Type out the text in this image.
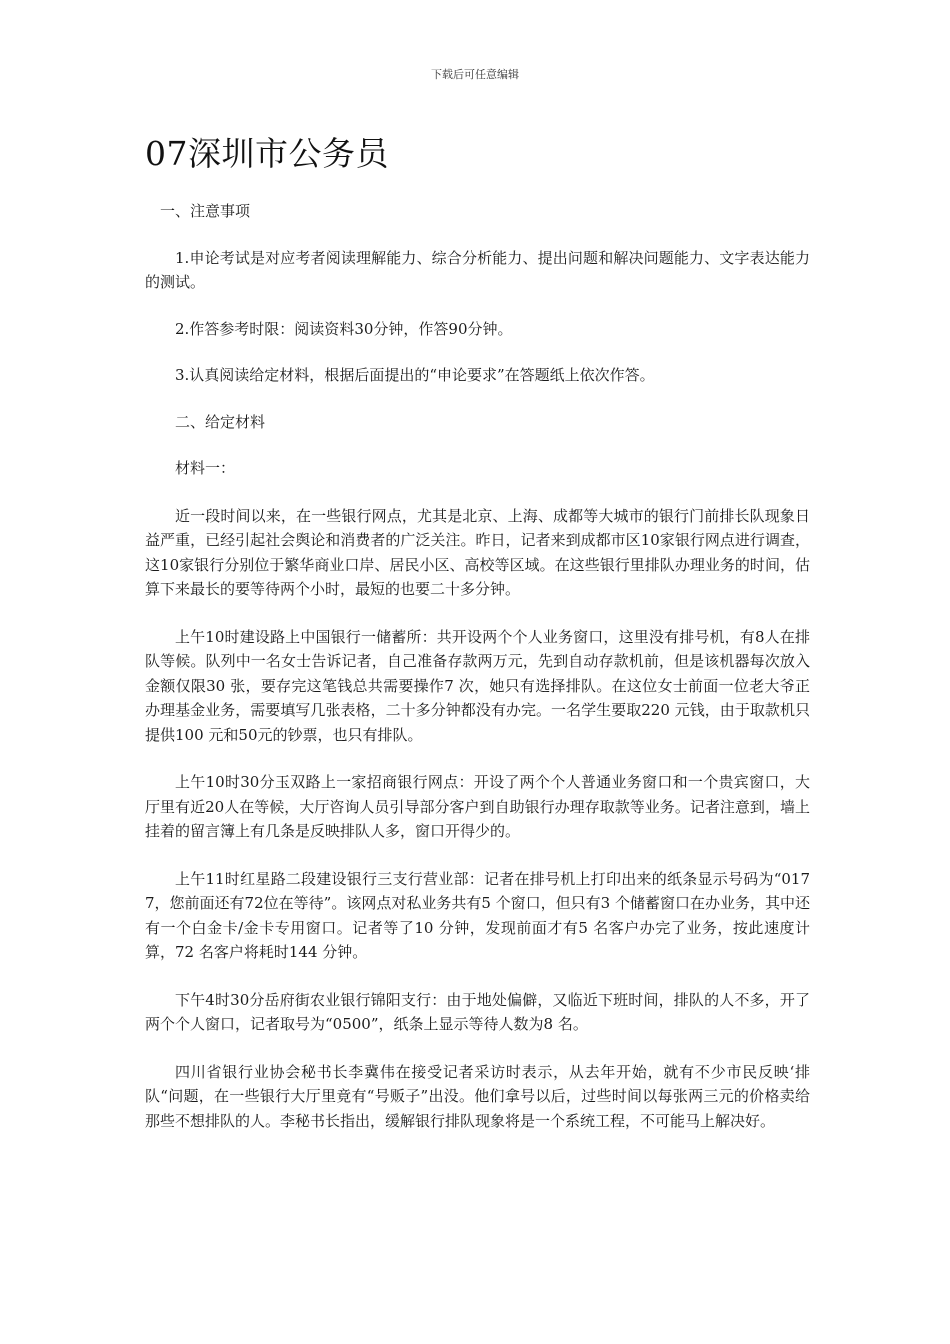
下载后可任意编辑
07深圳市公务员

一、注意事项

1.申论考试是对应考者阅读理解能力、综合分析能力、提出问题和解决问题能力、文字表达能力的测试。

2.作答参考时限：阅读资料30分钟，作答90分钟。

3.认真阅读给定材料，根据后面提出的“申论要求”在答题纸上依次作答。

二、给定材料

材料一：

近一段时间以来，在一些银行网点，尤其是北京、上海、成都等大城市的银行门前排长队现象日益严重，已经引起社会舆论和消费者的广泛关注。昨日，记者来到成都市区10家银行网点进行调查，这10家银行分别位于繁华商业口岸、居民小区、高校等区域。在这些银行里排队办理业务的时间，估算下来最长的要等待两个小时，最短的也要二十多分钟。

上午10时建设路上中国银行一储蓄所：共开设两个个人业务窗口，这里没有排号机，有8人在排队等候。队列中一名女士告诉记者，自己准备存款两万元，先到自动存款机前，但是该机器每次放入金额仅限30 张，要存完这笔钱总共需要操作7 次，她只有选择排队。在这位女士前面一位老大爷正办理基金业务，需要填写几张表格，二十多分钟都没有办完。一名学生要取220 元钱，由于取款机只提供100 元和50元的钞票，也只有排队。

上午10时30分玉双路上一家招商银行网点：开设了两个个人普通业务窗口和一个贵宾窗口，大厅里有近20人在等候，大厅咨询人员引导部分客户到自助银行办理存取款等业务。记者注意到，墙上挂着的留言簿上有几条是反映排队人多，窗口开得少的。

上午11时红星路二段建设银行三支行营业部：记者在排号机上打印出来的纸条显示号码为“0177，您前面还有72位在等待”。该网点对私业务共有5 个窗口，但只有3 个储蓄窗口在办业务，其中还有一个白金卡/金卡专用窗口。记者等了10 分钟，发现前面才有5 名客户办完了业务，按此速度计算，72 名客户将耗时144 分钟。

下午4时30分岳府街农业银行锦阳支行：由于地处偏僻，又临近下班时间，排队的人不多，开了两个个人窗口，记者取号为“0500”，纸条上显示等待人数为8 名。

四川省银行业协会秘书长李冀伟在接受记者采访时表示，从去年开始，就有不少市民反映‘排队“问题，在一些银行大厅里竟有“号贩子”出没。他们拿号以后，过些时间以每张两三元的价格卖给那些不想排队的人。李秘书长指出，缓解银行排队现象将是一个系统工程，不可能马上解决好。
